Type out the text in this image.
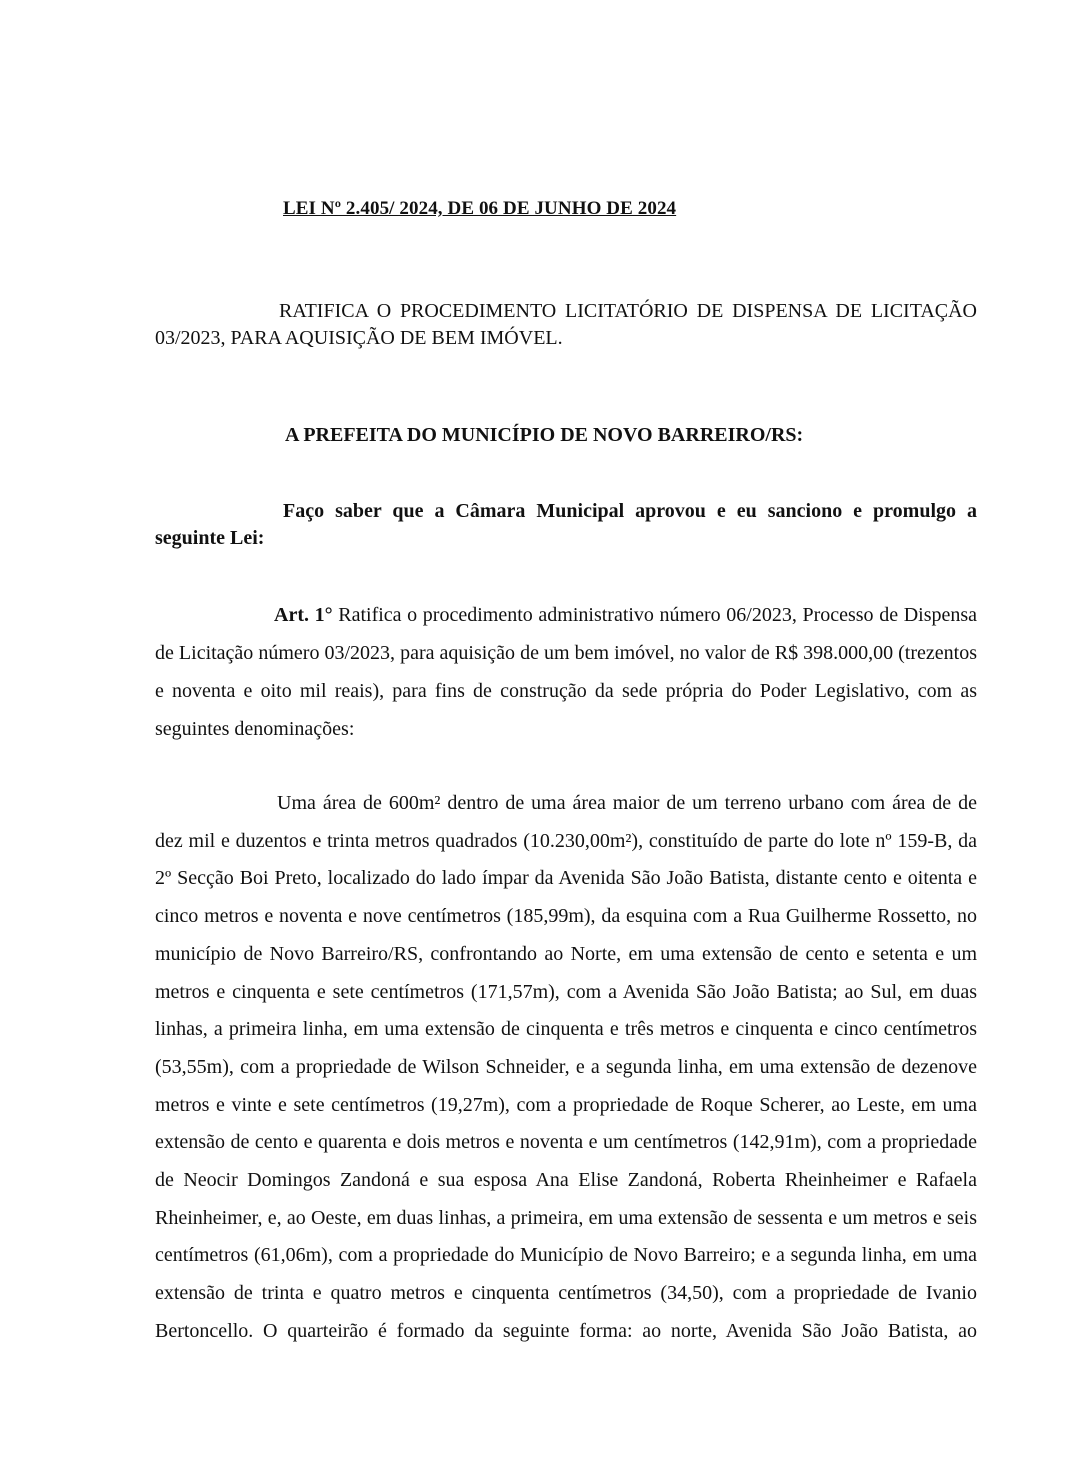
LEI Nº 2.405/ 2024, DE 06 DE JUNHO DE 2024

RATIFICA O PROCEDIMENTO LICITATÓRIO DE DISPENSA DE LICITAÇÃO 03/2023, PARA AQUISIÇÃO DE BEM IMÓVEL.

A PREFEITA DO MUNICÍPIO DE NOVO BARREIRO/RS:

Faço saber que a Câmara Municipal aprovou e eu sanciono e promulgo a seguinte Lei:

Art. 1° Ratifica o procedimento administrativo número 06/2023, Processo de Dispensa de Licitação número 03/2023, para aquisição de um bem imóvel, no valor de R$ 398.000,00 (trezentos e noventa e oito mil reais), para fins de construção da sede própria do Poder Legislativo, com as seguintes denominações:

Uma área de 600m² dentro de uma área maior de um terreno urbano com área de de dez mil e duzentos e trinta metros quadrados (10.230,00m²), constituído de parte do lote nº 159-B, da 2º Secção Boi Preto, localizado do lado ímpar da Avenida São João Batista, distante cento e oitenta e cinco metros e noventa e nove centímetros (185,99m), da esquina com a Rua Guilherme Rossetto, no município de Novo Barreiro/RS, confrontando ao Norte, em uma extensão de cento e setenta e um metros e cinquenta e sete centímetros (171,57m), com a Avenida São João Batista; ao Sul, em duas linhas, a primeira linha, em uma extensão de cinquenta e três metros e cinquenta e cinco centímetros (53,55m), com a propriedade de Wilson Schneider, e a segunda linha, em uma extensão de dezenove metros e vinte e sete centímetros (19,27m), com a propriedade de Roque Scherer, ao Leste, em uma extensão de cento e quarenta e dois metros e noventa e um centímetros (142,91m), com a propriedade de Neocir Domingos Zandoná e sua esposa Ana Elise Zandoná, Roberta Rheinheimer e Rafaela Rheinheimer, e, ao Oeste, em duas linhas, a primeira, em uma extensão de sessenta e um metros e seis centímetros (61,06m), com a propriedade do Município de Novo Barreiro; e a segunda linha, em uma extensão de trinta e quatro metros e cinquenta centímetros (34,50), com a propriedade de Ivanio Bertoncello. O quarteirão é formado da seguinte forma: ao norte, Avenida São João Batista, ao
